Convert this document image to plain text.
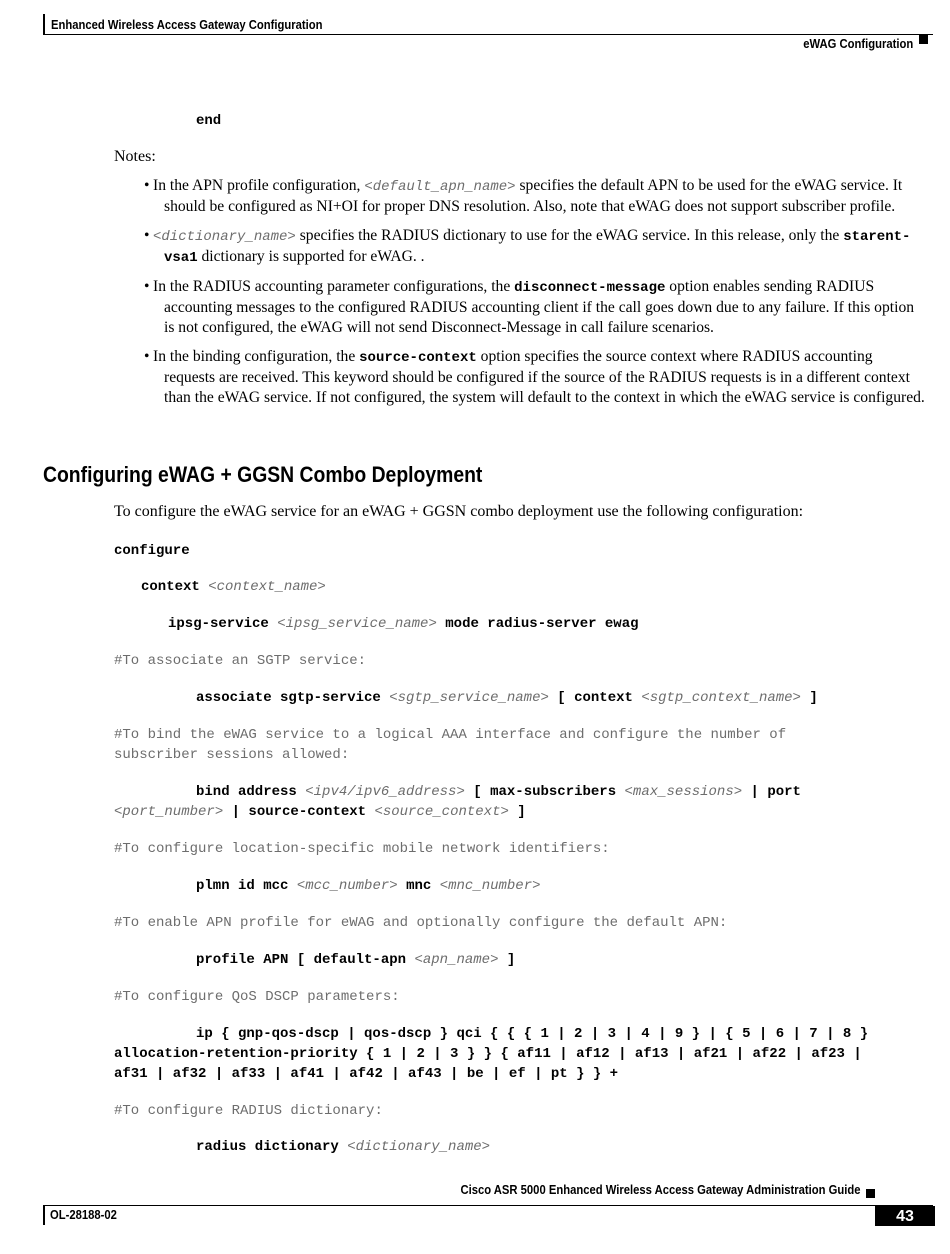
Enhanced Wireless Access Gateway Configuration
eWAG Configuration
end
Notes:
• In the APN profile configuration, <default_apn_name> specifies the default APN to be used for the eWAG service. It should be configured as NI+OI for proper DNS resolution. Also, note that eWAG does not support subscriber profile.
• <dictionary_name> specifies the RADIUS dictionary to use for the eWAG service. In this release, only the starent-vsa1 dictionary is supported for eWAG. .
• In the RADIUS accounting parameter configurations, the disconnect-message option enables sending RADIUS accounting messages to the configured RADIUS accounting client if the call goes down due to any failure. If this option is not configured, the eWAG will not send Disconnect-Message in call failure scenarios.
• In the binding configuration, the source-context option specifies the source context where RADIUS accounting requests are received. This keyword should be configured if the source of the RADIUS requests is in a different context than the eWAG service. If not configured, the system will default to the context in which the eWAG service is configured.
Configuring eWAG + GGSN Combo Deployment
To configure the eWAG service for an eWAG + GGSN combo deployment use the following configuration:
configure
context <context_name>
ipsg-service <ipsg_service_name> mode radius-server ewag
#To associate an SGTP service:
associate sgtp-service <sgtp_service_name> [ context <sgtp_context_name> ]
#To bind the eWAG service to a logical AAA interface and configure the number of
subscriber sessions allowed:
bind address <ipv4/ipv6_address> [ max-subscribers <max_sessions> | port
<port_number> | source-context <source_context> ]
#To configure location-specific mobile network identifiers:
plmn id mcc <mcc_number> mnc <mnc_number>
#To enable APN profile for eWAG and optionally configure the default APN:
profile APN [ default-apn <apn_name> ]
#To configure QoS DSCP parameters:
ip { gnp-qos-dscp | qos-dscp } qci { { { 1 | 2 | 3 | 4 | 9 } | { 5 | 6 | 7 | 8 }
allocation-retention-priority { 1 | 2 | 3 } } { af11 | af12 | af13 | af21 | af22 | af23 |
af31 | af32 | af33 | af41 | af42 | af43 | be | ef | pt } } +
#To configure RADIUS dictionary:
radius dictionary <dictionary_name>
Cisco ASR 5000 Enhanced Wireless Access Gateway Administration Guide
OL-28188-02	43
